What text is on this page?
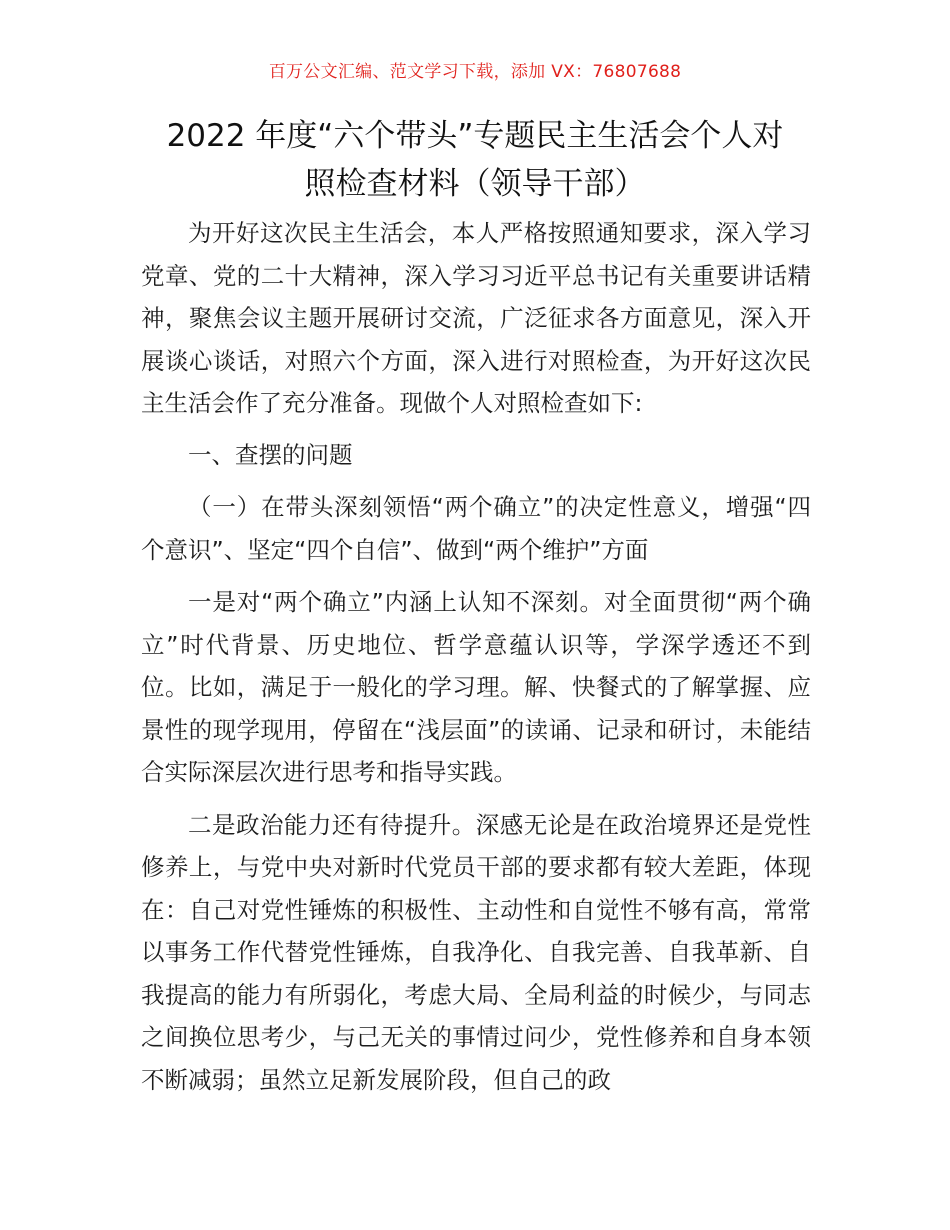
百万公文汇编、范文学习下载，添加 VX：76807688
2022 年度“六个带头”专题民主生活会个人对
照检查材料（领导干部）

为开好这次民主生活会，本人严格按照通知要求，深入学习党章、党的二十大精神，深入学习习近平总书记有关重要讲话精神，聚焦会议主题开展研讨交流，广泛征求各方面意见，深入开展谈心谈话，对照六个方面，深入进行对照检查，为开好这次民主生活会作了充分准备。现做个人对照检查如下:

一、查摆的问题

（一）在带头深刻领悟“两个确立”的决定性意义，增强“四个意识”、坚定“四个自信”、做到“两个维护”方面

一是对“两个确立”内涵上认知不深刻。对全面贯彻“两个确立”时代背景、历史地位、哲学意蕴认识等，学深学透还不到位。比如，满足于一般化的学习理。解、快餐式的了解掌握、应景性的现学现用，停留在“浅层面”的读诵、记录和研讨，未能结合实际深层次进行思考和指导实践。

二是政治能力还有待提升。深感无论是在政治境界还是党性修养上，与党中央对新时代党员干部的要求都有较大差距，体现在：自己对党性锤炼的积极性、主动性和自觉性不够有高，常常以事务工作代替党性锤炼，自我净化、自我完善、自我革新、自我提高的能力有所弱化，考虑大局、全局利益的时候少，与同志之间换位思考少，与己无关的事情过问少，党性修养和自身本领不断减弱；虽然立足新发展阶段，但自己的政
